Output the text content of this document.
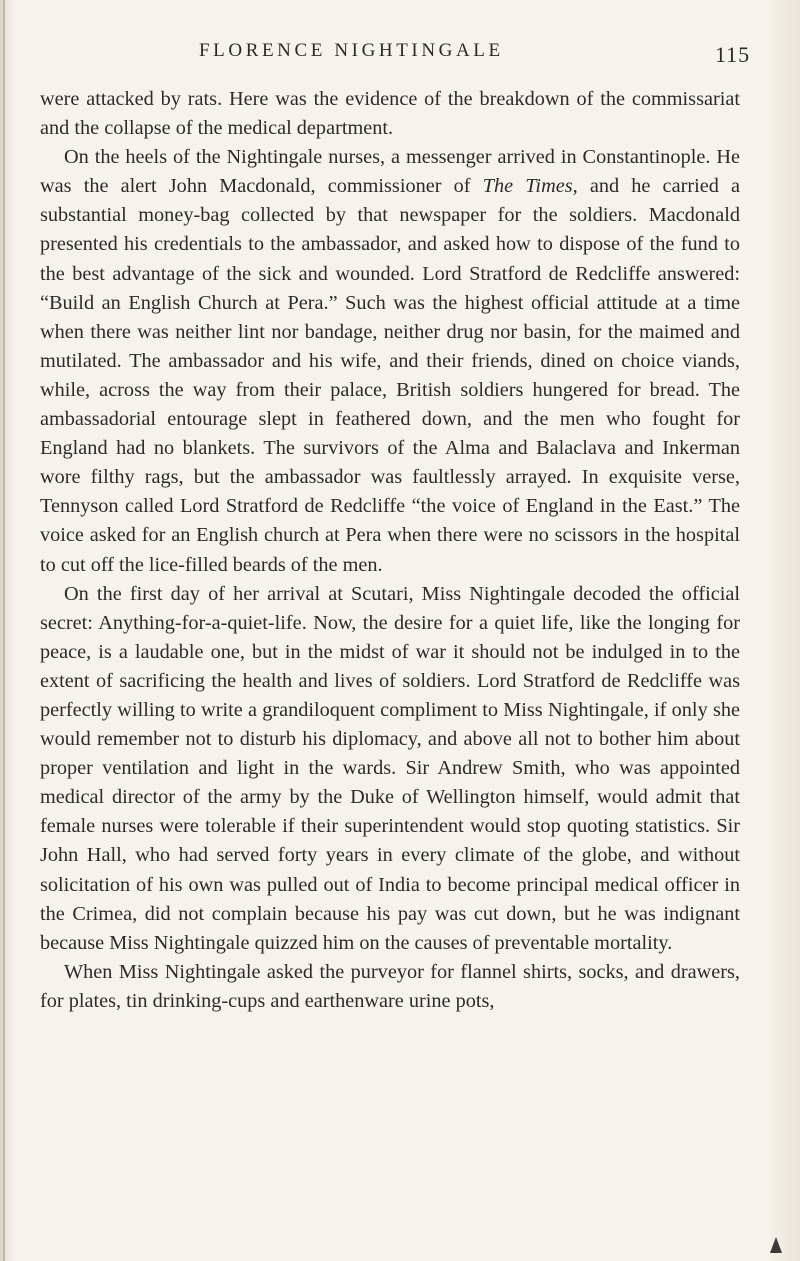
FLORENCE NIGHTINGALE	115

were attacked by rats. Here was the evidence of the breakdown of the commissariat and the collapse of the medical department.

On the heels of the Nightingale nurses, a messenger arrived in Constantinople. He was the alert John Macdonald, commissioner of The Times, and he carried a substantial money-bag collected by that newspaper for the soldiers. Macdonald presented his credentials to the ambassador, and asked how to dispose of the fund to the best advantage of the sick and wounded. Lord Stratford de Redcliffe answered: “Build an English Church at Pera.” Such was the highest official attitude at a time when there was neither lint nor bandage, neither drug nor basin, for the maimed and mutilated. The ambassador and his wife, and their friends, dined on choice viands, while, across the way from their palace, British soldiers hungered for bread. The ambassadorial entourage slept in feathered down, and the men who fought for England had no blankets. The survivors of the Alma and Balaclava and Inkerman wore filthy rags, but the ambassador was faultlessly arrayed. In exquisite verse, Tennyson called Lord Stratford de Redcliffe “the voice of England in the East.” The voice asked for an English church at Pera when there were no scissors in the hospital to cut off the lice-filled beards of the men.

On the first day of her arrival at Scutari, Miss Nightingale decoded the official secret: Anything-for-a-quiet-life. Now, the desire for a quiet life, like the longing for peace, is a laudable one, but in the midst of war it should not be indulged in to the extent of sacrificing the health and lives of soldiers. Lord Stratford de Redcliffe was perfectly willing to write a grandiloquent compliment to Miss Nightingale, if only she would remember not to disturb his diplomacy, and above all not to bother him about proper ventilation and light in the wards. Sir Andrew Smith, who was appointed medical director of the army by the Duke of Wellington himself, would admit that female nurses were tolerable if their superintendent would stop quoting statistics. Sir John Hall, who had served forty years in every climate of the globe, and without solicitation of his own was pulled out of India to become principal medical officer in the Crimea, did not complain because his pay was cut down, but he was indignant because Miss Nightingale quizzed him on the causes of preventable mortality.

When Miss Nightingale asked the purveyor for flannel shirts, socks, and drawers, for plates, tin drinking-cups and earthenware urine pots,
